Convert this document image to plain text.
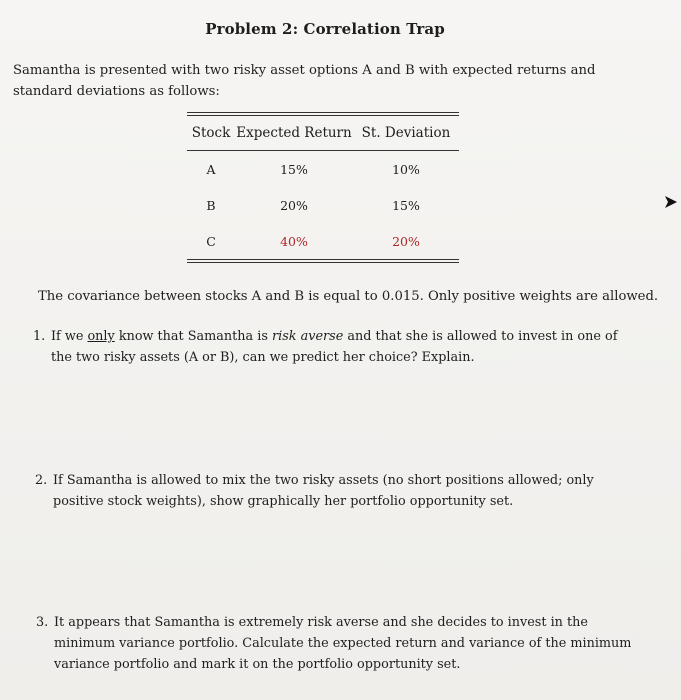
Problem 2: Correlation Trap
Samantha is presented with two risky asset options A and B with expected returns and standard deviations as follows:
Stock	Expected Return	St. Deviation
A	15%	10%
B	20%	15%
C	40%	20%
The covariance between stocks A and B is equal to 0.015. Only positive weights are allowed.
1. If we only know that Samantha is risk averse and that she is allowed to invest in one of the two risky assets (A or B), can we predict her choice? Explain.
2. If Samantha is allowed to mix the two risky assets (no short positions allowed; only positive stock weights), show graphically her portfolio opportunity set.
3. It appears that Samantha is extremely risk averse and she decides to invest in the minimum variance portfolio. Calculate the expected return and variance of the minimum variance portfolio and mark it on the portfolio opportunity set.
